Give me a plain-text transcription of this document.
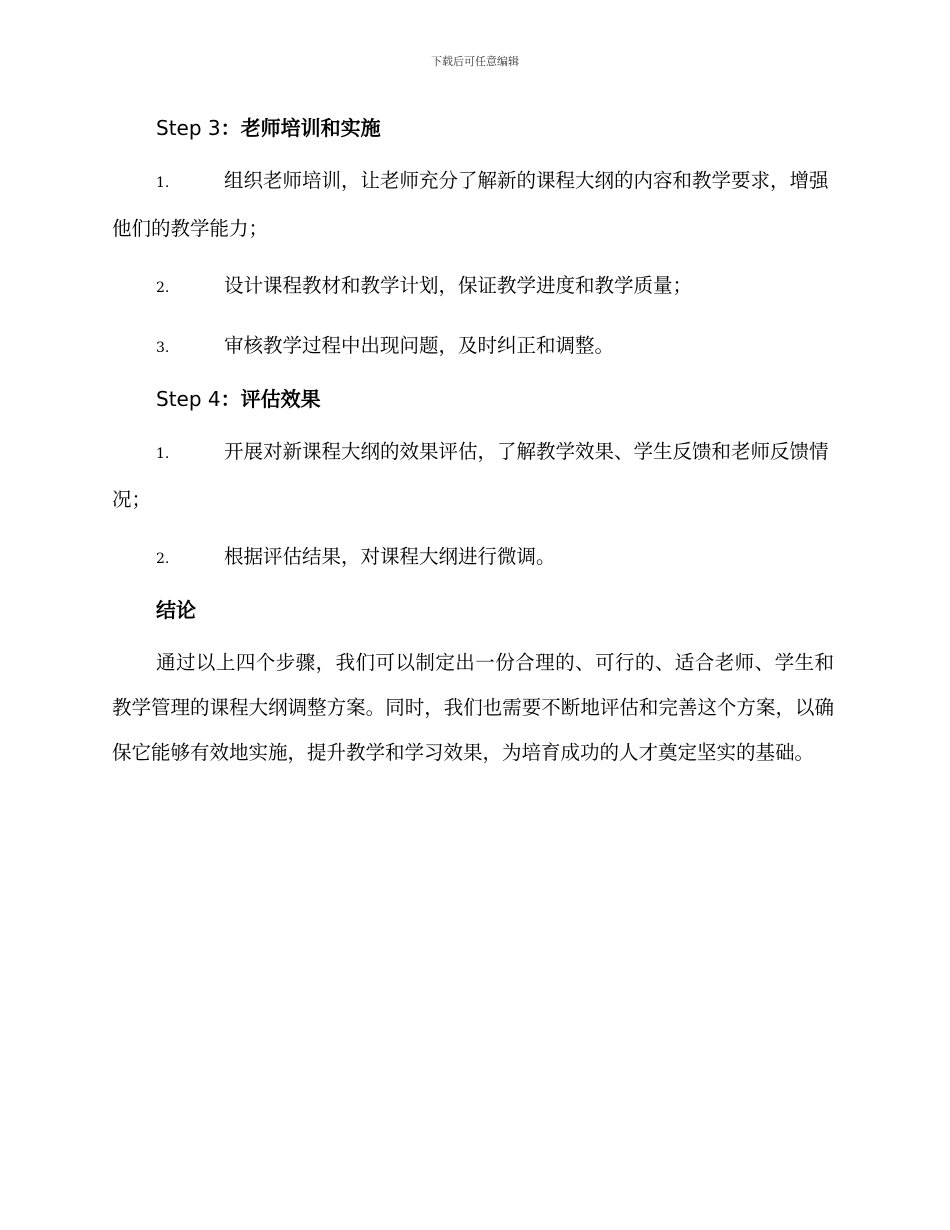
下载后可任意编辑
Step 3：老师培训和实施

1.	组织老师培训，让老师充分了解新的课程大纲的内容和教学要求，增强他们的教学能力；

2.	设计课程教材和教学计划，保证教学进度和教学质量；

3.	审核教学过程中出现问题，及时纠正和调整。

Step 4：评估效果

1.	开展对新课程大纲的效果评估，了解教学效果、学生反馈和老师反馈情况；

2.	根据评估结果，对课程大纲进行微调。

结论

通过以上四个步骤，我们可以制定出一份合理的、可行的、适合老师、学生和教学管理的课程大纲调整方案。同时，我们也需要不断地评估和完善这个方案，以确保它能够有效地实施，提升教学和学习效果，为培育成功的人才奠定坚实的基础。
